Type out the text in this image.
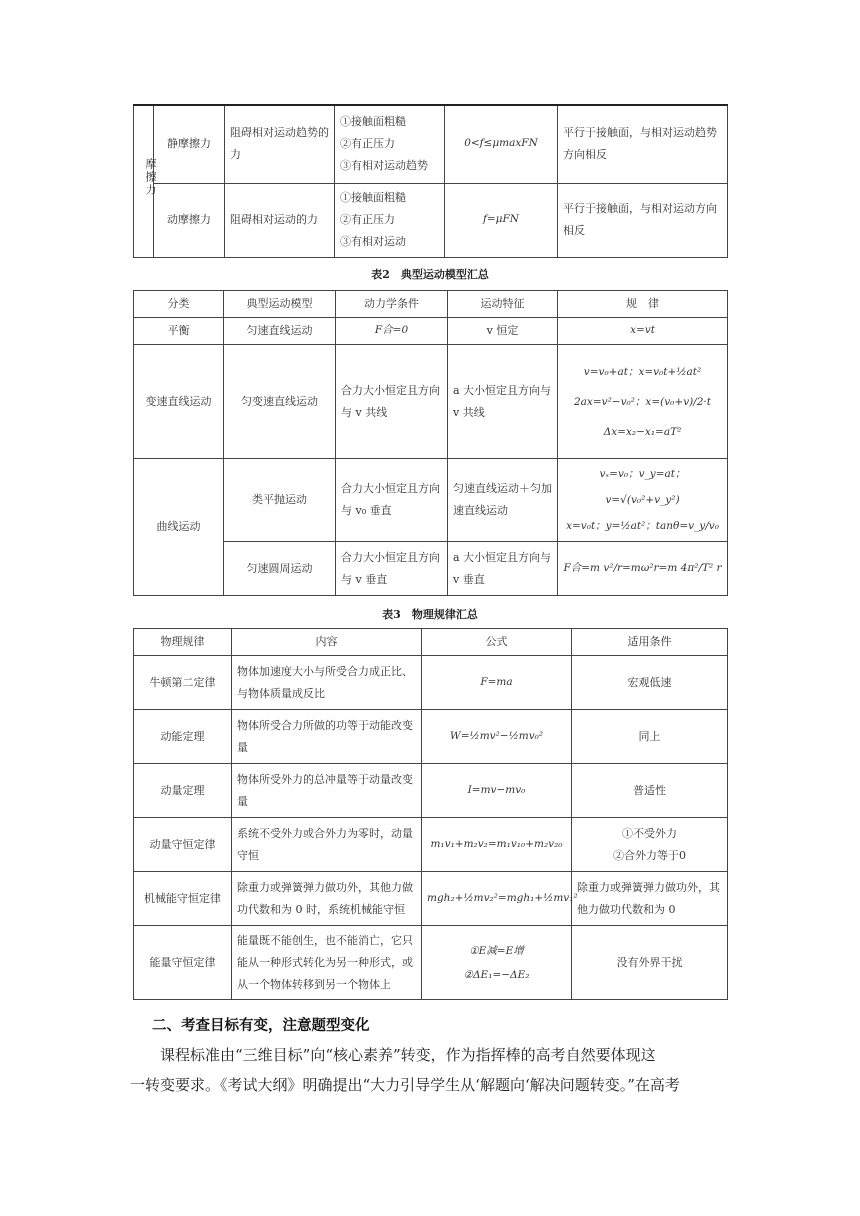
摩擦力	静摩擦力	阻碍相对运动趋势的力	①接触面粗糙
②有正压力
③有相对运动趋势	0<f≤μmaxFN	平行于接触面，与相对运动趋势方向相反
	动摩擦力	阻碍相对运动的力	①接触面粗糙
②有正压力
③有相对运动	f=μFN	平行于接触面，与相对运动方向相反
表2　典型运动模型汇总
分类	典型运动模型	动力学条件	运动特征	规　律
平衡	匀速直线运动	F合=0	v 恒定	x=vt
变速直线运动	匀变速直线运动	合力大小恒定且方向与 v 共线	a 大小恒定且方向与 v 共线	v=v₀+at；x=v₀t+½at²
2ax=v²−v₀²；x=(v₀+v)/2·t
Δx=x₂−x₁=aT²

曲线运动	类平抛运动	合力大小恒定且方向与 v₀ 垂直	匀速直线运动＋匀加速直线运动	vₓ=v₀；v_y=at；v=√(v₀²+v_y²)
x=v₀t；y=½at²；tanθ=v_y/v₀

	匀速圆周运动	合力大小恒定且方向与 v 垂直	a 大小恒定且方向与 v 垂直	F合=m v²/r=mω²r=m 4π²/T² r
表3　物理规律汇总
物理规律	内容	公式	适用条件
牛顿第二定律	物体加速度大小与所受合力成正比、与物体质量成反比	F=ma	宏观低速
动能定理	物体所受合力所做的功等于动能改变量	W=½mv²−½mv₀²	同上
动量定理	物体所受外力的总冲量等于动量改变量	I=mv−mv₀	普适性
动量守恒定律	系统不受外力或合外力为零时，动量守恒	m₁v₁+m₂v₂=m₁v₁₀+m₂v₂₀	①不受外力
②合外力等于0
机械能守恒定律	除重力或弹簧弹力做功外，其他力做功代数和为 0 时，系统机械能守恒	mgh₂+½mv₂²=mgh₁+½mv₁²	除重力或弹簧弹力做功外，其他力做功代数和为 0
能量守恒定律	能量既不能创生，也不能消亡，它只能从一种形式转化为另一种形式，或从一个物体转移到另一个物体上	①E减=E增
②ΔE₁=−ΔE₂	没有外界干扰
二、考查目标有变，注意题型变化
课程标准由“三维目标”向“核心素养”转变，作为指挥棒的高考自然要体现这
一转变要求。《考试大纲》明确提出“大力引导学生从‘解题向‘解决问题转变。”在高考
